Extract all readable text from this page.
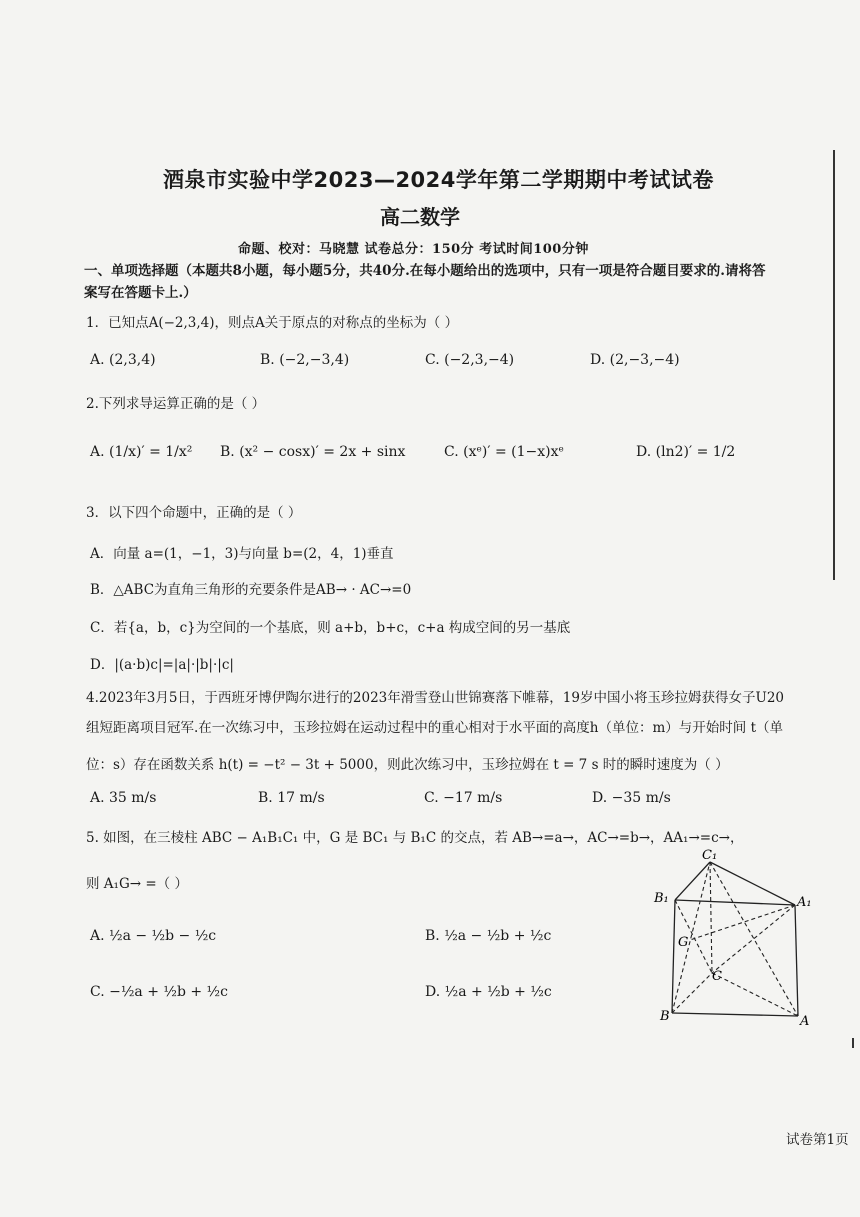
酒泉市实验中学2023—2024学年第二学期期中考试试卷
高二数学
命题、校对：马晓慧 试卷总分：150分 考试时间100分钟
一、单项选择题（本题共8小题，每小题5分，共40分.在每小题给出的选项中，只有一项是符合题目要求的.请将答
案写在答题卡上.）
1．已知点A(−2,3,4)，则点A关于原点的对称点的坐标为（ ）
A. (2,3,4)	B. (−2,−3,4)	C. (−2,3,−4)	D. (2,−3,−4)
2.下列求导运算正确的是（ ）
A. (1/x)′ = 1/x² B. (x² − cosx)′ = 2x + sinx	C. (xᵉ)′ = (1−x)xᵉ	D. (ln2)′ = 1/2
3．以下四个命题中，正确的是（ ）
A．向量 a=(1，−1，3)与向量 b=(2，4，1)垂直
B．△ABC为直角三角形的充要条件是AB→ · AC→=0
C．若{a，b，c}为空间的一个基底，则 a+b，b+c，c+a 构成空间的另一基底
D．|(a·b)c|=|a|·|b|·|c|
4.2023年3月5日，于西班牙博伊陶尔进行的2023年滑雪登山世锦赛落下帷幕，19岁中国小将玉珍拉姆获得女子U20
组短距离项目冠军.在一次练习中，玉珍拉姆在运动过程中的重心相对于水平面的高度h（单位：m）与开始时间 t（单
位：s）存在函数关系 h(t) = −t² − 3t + 5000，则此次练习中，玉珍拉姆在 t = 7 s 时的瞬时速度为（ ）
A. 35 m/s	B. 17 m/s	C. −17 m/s	D. −35 m/s
5. 如图，在三棱柱 ABC − A₁B₁C₁ 中，G 是 BC₁ 与 B₁C 的交点，若 AB→=a→，AC→=b→，AA₁→=c→，
则 A₁G→ =（ ）
A. ½a − ½b − ½c	B. ½a − ½b + ½c
C. −½a + ½b + ½c	D. ½a + ½b + ½c
C₁
B₁	A₁
G
C
B	A
试卷第1页
